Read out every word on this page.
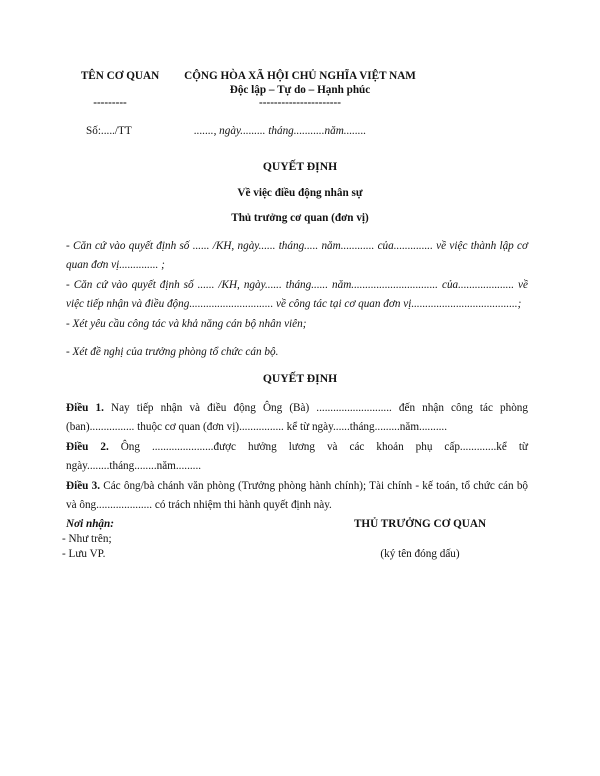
TÊN CƠ QUAN
---------
Số:...../TT
CỘNG HÒA XÃ HỘI CHỦ NGHĨA VIỆT NAM
Độc lập – Tự do – Hạnh phúc
----------------------
......., ngày......... tháng...........năm........
QUYẾT ĐỊNH
Về việc điều động nhân sự
Thủ trưởng cơ quan (đơn vị)
- Căn cứ vào quyết định số ...... /KH, ngày...... tháng..... năm............ của.............. về việc thành lập cơ quan đơn vị.............. ;
- Căn cứ vào quyết định số ...... /KH, ngày...... tháng...... năm............................... của.................... về việc tiếp nhận và điều động.............................. về công tác tại cơ quan đơn vị......................................;
- Xét yêu cầu công tác và khả năng cán bộ nhân viên;
- Xét đề nghị của trưởng phòng tổ chức cán bộ.
QUYẾT ĐỊNH
Điều 1. Nay tiếp nhận và điều động Ông (Bà) ........................... đến nhận công tác phòng (ban)................ thuộc cơ quan (đơn vị)................ kể từ ngày......tháng.........năm..........
Điều 2. Ông ......................được hưởng lương và các khoản phụ cấp.............kể từ ngày........tháng........năm.........
Điều 3. Các ông/bà chánh văn phòng (Trưởng phòng hành chính); Tài chính - kế toán, tổ chức cán bộ và ông.................... có trách nhiệm thi hành quyết định này.
Nơi nhận:
- Như trên;
- Lưu VP.
THỦ TRƯỞNG CƠ QUAN
(ký tên đóng dấu)
